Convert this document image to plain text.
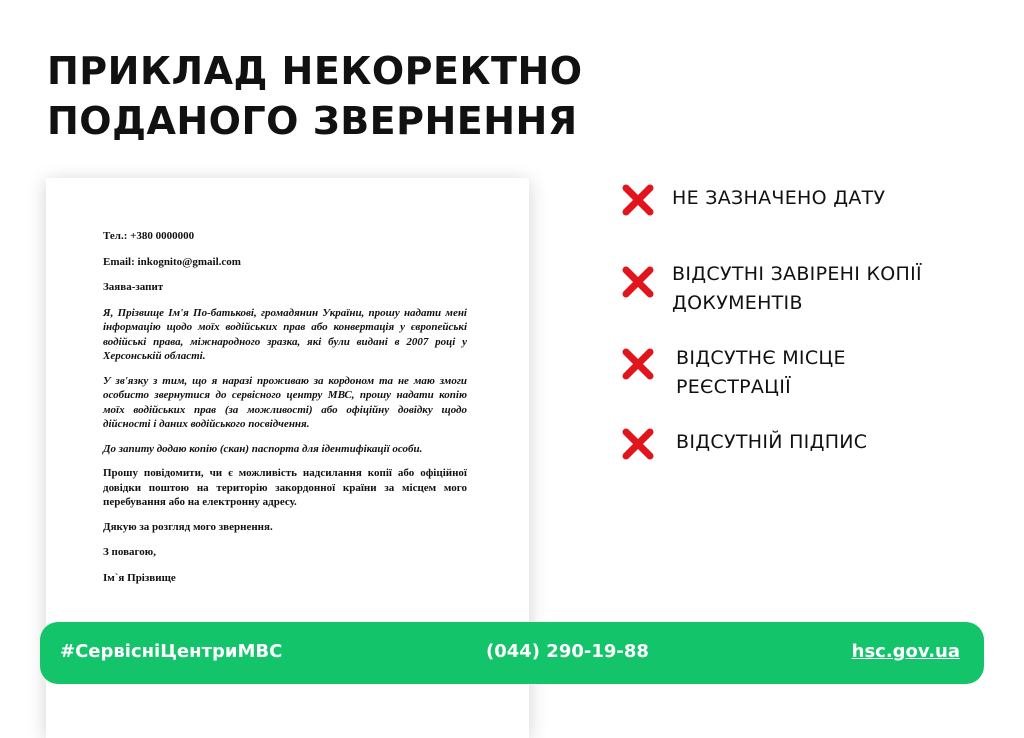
ПРИКЛАД НЕКОРЕКТНО ПОДАНОГО ЗВЕРНЕННЯ

Тел.: +380 0000000

Email: inkognito@gmail.com

Заява-запит

Я, Прізвище Ім'я По-батькові, громадянин України, прошу надати мені інформацію щодо моїх водійських прав або конвертація у європейські водійські права, міжнародного зразка, які були видані в 2007 році у Херсонській області.

У зв'язку з тим, що я наразі проживаю за кордоном та не маю змоги особисто звернутися до сервісного центру МВС, прошу надати копію моїх водійських прав (за можливості) або офіційну довідку щодо дійсності і даних водійського посвідчення.

До запиту додаю копію (скан) паспорта для ідентифікації особи.

Прошу повідомити, чи є можливість надсилання копії або офіційної довідки поштою на територію закордонної країни за місцем мого перебування або на електронну адресу.

Дякую за розгляд мого звернення.

З повагою,

Ім`я Прізвище

НЕ ЗАЗНАЧЕНО ДАТУ
ВІДСУТНІ ЗАВІРЕНІ КОПІЇ ДОКУМЕНТІВ
ВІДСУТНЄ МІСЦЕ РЕЄСТРАЦІЇ
ВІДСУТНІЙ ПІДПИС
#СервісніЦентриМВС	(044) 290-19-88	hsc.gov.ua
